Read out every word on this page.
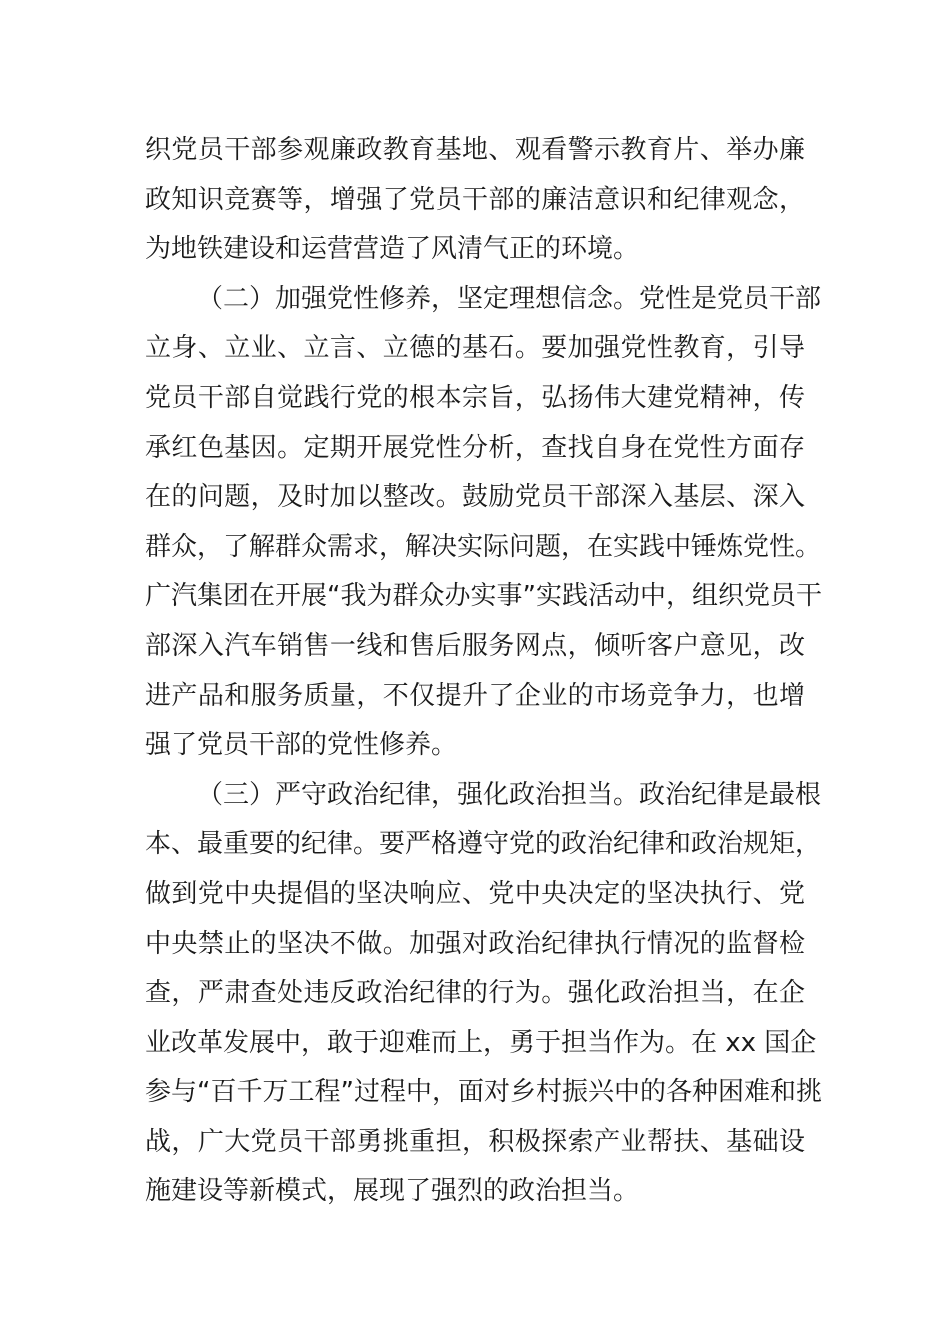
织党员干部参观廉政教育基地、观看警示教育片、举办廉
政知识竞赛等，增强了党员干部的廉洁意识和纪律观念，
为地铁建设和运营营造了风清气正的环境。
（二）加强党性修养，坚定理想信念。党性是党员干部
立身、立业、立言、立德的基石。要加强党性教育，引导
党员干部自觉践行党的根本宗旨，弘扬伟大建党精神，传
承红色基因。定期开展党性分析，查找自身在党性方面存
在的问题，及时加以整改。鼓励党员干部深入基层、深入
群众，了解群众需求，解决实际问题，在实践中锤炼党性。
广汽集团在开展“我为群众办实事”实践活动中，组织党员干
部深入汽车销售一线和售后服务网点，倾听客户意见，改
进产品和服务质量，不仅提升了企业的市场竞争力，也增
强了党员干部的党性修养。
（三）严守政治纪律，强化政治担当。政治纪律是最根
本、最重要的纪律。要严格遵守党的政治纪律和政治规矩，
做到党中央提倡的坚决响应、党中央决定的坚决执行、党
中央禁止的坚决不做。加强对政治纪律执行情况的监督检
查，严肃查处违反政治纪律的行为。强化政治担当，在企
业改革发展中，敢于迎难而上，勇于担当作为。在 xx 国企
参与“百千万工程”过程中，面对乡村振兴中的各种困难和挑
战，广大党员干部勇挑重担，积极探索产业帮扶、基础设
施建设等新模式，展现了强烈的政治担当。
